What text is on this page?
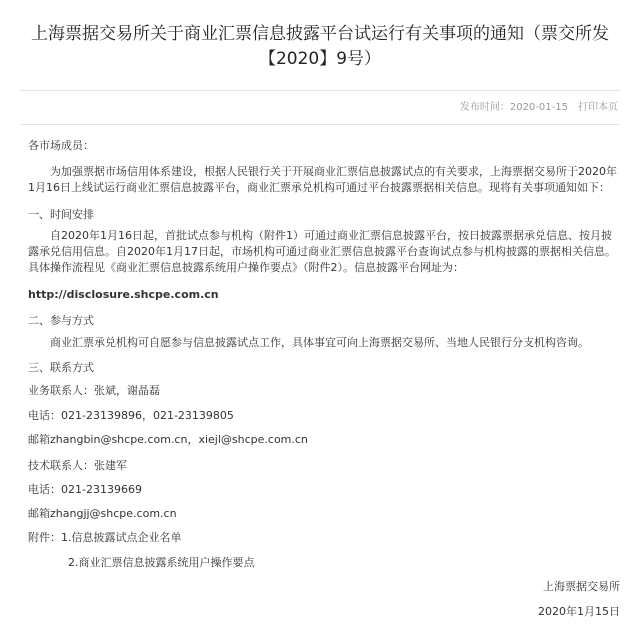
上海票据交易所关于商业汇票信息披露平台试运行有关事项的通知（票交所发
【2020】9号）
发布时间：2020-01-15 打印本页
各市场成员：
为加强票据市场信用体系建设，根据人民银行关于开展商业汇票信息披露试点的有关要求，上海票据交易所于2020年1月16日上线试运行商业汇票信息披露平台，商业汇票承兑机构可通过平台披露票据相关信息。现将有关事项通知如下：
一、时间安排
自2020年1月16日起，首批试点参与机构（附件1）可通过商业汇票信息披露平台，按日披露票据承兑信息、按月披露承兑信用信息。自2020年1月17日起，市场机构可通过商业汇票信息披露平台查询试点参与机构披露的票据相关信息。具体操作流程见《商业汇票信息披露系统用户操作要点》（附件2）。信息披露平台网址为：
http://disclosure.shcpe.com.cn
二、参与方式
商业汇票承兑机构可自愿参与信息披露试点工作，具体事宜可向上海票据交易所、当地人民银行分支机构咨询。
三、联系方式
业务联系人：张斌，谢晶磊
电话：021-23139896，021-23139805
邮箱zhangbin@shcpe.com.cn，xiejl@shcpe.com.cn
技术联系人：张建军
电话：021-23139669
邮箱zhangjj@shcpe.com.cn
附件：1.信息披露试点企业名单
2.商业汇票信息披露系统用户操作要点
上海票据交易所
2020年1月15日
